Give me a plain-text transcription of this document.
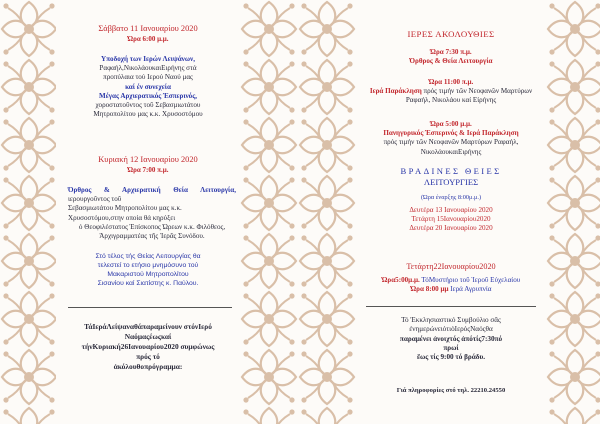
Σάββατο 11 Ιανουαρίου 2020

Ώρα 6:00 μ.μ.

Υποδοχή των Ιερών Λειψάνων,

Ραφαήλ,ΝικολάουκαιΕιρήνης στά

προπύλαια τού Ιερού Ναού μας

καί έν συνεχεία

Μέγας Αρχιερατικός Έσπερινός,

χοροστατοῦντος τοῦ Σεβασμιωτάτου

Μητροπολίτου μας κ.κ. Χρυσοστόμου

Κυριακή 12 Ιανουαρίου 2020

Ώρα 7:00 π.μ.

Όρθρος & Αρχιερατική Θεία Λειτουργία, ιερουργοῦντος τοῦ

Σεβασμιωτάτου Μητροπολίτου μας κ.κ.

Χρυσοστόμου,στην οποία θά κηρύξει

ό Θεοφιλέστατος Έπίσκοπος Ώρεων κ.κ. Φιλόθεος,

Άρχιγραμματέας τῆς Ἱερᾶς Συνόδου.

Στό τέλος τής Θείας Λειτουργίας θα

τελεστεί το ετήσιο μνημόσυνο τού

Μακαριστού Μητροπολίτου

Σισανίου καί Σιατίστης κ. Παύλου.

ΤάΙεράΛείψαναθάπαραμείνουν στόνΙερό

Ναόμαςέωςκαί

τήνΚυριακή26Ιανουαρίου2020 συμφώνως

πρός τό

ἀκόλουθοπρόγραμμα:

ΙΕΡΕΣ ΑΚΟΛΟΥΘΙΕΣ

Ώρα 7:30 π.μ.

Όρθρος & Θεία Λειτουργία

Ώρα 11:00 π.μ.

Ιερά Παράκληση πρός τιμήν τῶν Νεοφανῶν Μαρτύρων

Ραφαήλ, Νικολάου καί Εἰρήνης

Ώρα 5:00 μ.μ.

Πανηγυρικός Έσπερινός & Ιερά Παράκληση

πρός τιμήν τῶν Νεοφανῶν Μαρτύρων Ραφαήλ,

ΝικολάουκαιΕιρήνης

ΒΡΑΔΙΝΕΣ ΘΕΙΕΣ

ΛΕΙΤΟΥΡΓΙΕΣ

(Ώρα έναρξης 8:00μ.μ.)

Δευτέρα 13 Ιανουαρίου 2020

Τετάρτη 15Ιανουαρίου2020

Δευτέρα 20 Ιανουαρίου 2020

Τετάρτη22Ιανουαρίου2020

Ώρα5:00μ.μ. ΤόΜυστήριο τοῦ Ἱεροῦ Εὐχελαίου

Ώρα 8:00 μμ Ιερά Αγρυπνία

Τό Ἐκκλησιαστικό Συμβούλιο σᾶς

ἐνημερώνειότιὁΙερόςΝαόςθα

παραμένει ἀνοιχτός ἀπότίς7:30πό

πρωί

ἕως τίς 9:00 τό βράδυ.

Γιά πληροφορίες στό τηλ. 22210.24550
